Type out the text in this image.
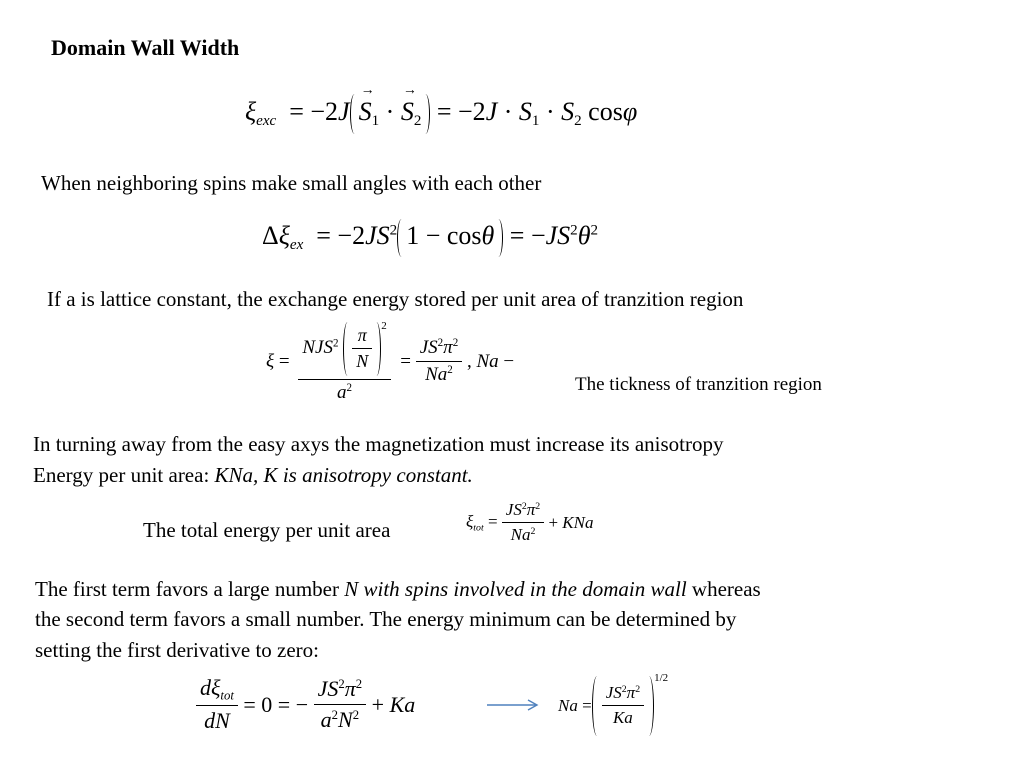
Domain Wall Width
$\xi_{exc} = -2J\to S_1$ · → $S_2 = -2J \cdot S_1 \cdot S_2$ cosφ
When neighboring spins make small angles with each other
$\Delta\xi_{ex} = -2JS^2$ $1 - \cos\theta = -JS^2\theta^2$
If a is lattice constant, the exchange energy stored per unit area of tranzition region
$\xi = \frac{NJS^2 \frac{\pi}{N} ^2}{a^2} = \frac{JS^2\pi^2}{Na^2}$ , Na −
The tickness of tranzition region
In turning away from the easy axys the magnetization must increase its anisotropy
Energy per unit area: KNa, K is anisotropy constant.
The total energy per unit area	$\xi_{tot} = \frac{JS^2\pi^2}{Na^2}$ + KNa
The first term favors a large number N with spins involved in the domain wall whereas
the second term favors a small number. The energy minimum can be determined by
setting the first derivative to zero:
$\frac{d\xi_{tot}}{dN} = 0$ = − $\frac{JS^2\pi^2}{a^2N^2} + Ka$	$Na = \frac{JS^2\pi^2}{Ka}$
$^{1/2}$
